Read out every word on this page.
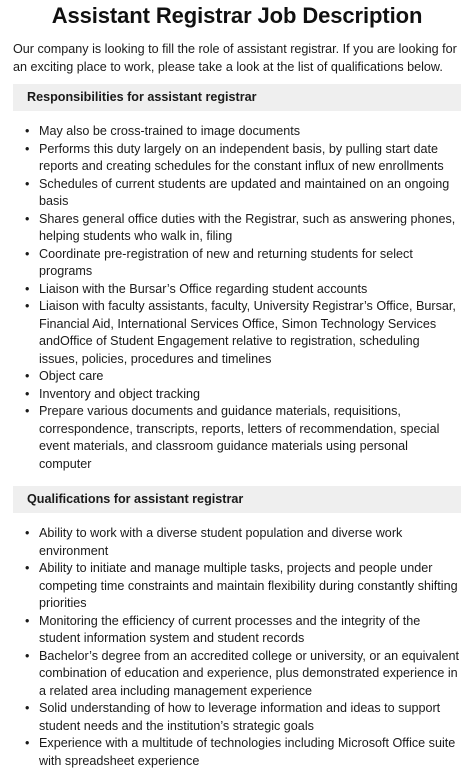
Assistant Registrar Job Description

Our company is looking to fill the role of assistant registrar. If you are looking for an exciting place to work, please take a look at the list of qualifications below.

Responsibilities for assistant registrar
• May also be cross-trained to image documents
• Performs this duty largely on an independent basis, by pulling start date reports and creating schedules for the constant influx of new enrollments
• Schedules of current students are updated and maintained on an ongoing basis
• Shares general office duties with the Registrar, such as answering phones, helping students who walk in, filing
• Coordinate pre-registration of new and returning students for select programs
• Liaison with the Bursar’s Office regarding student accounts
• Liaison with faculty assistants, faculty, University Registrar’s Office, Bursar, Financial Aid, International Services Office, Simon Technology Services andOffice of Student Engagement relative to registration, scheduling issues, policies, procedures and timelines
• Object care
• Inventory and object tracking
• Prepare various documents and guidance materials, requisitions, correspondence, transcripts, reports, letters of recommendation, special event materials, and classroom guidance materials using personal computer
Qualifications for assistant registrar
• Ability to work with a diverse student population and diverse work environment
• Ability to initiate and manage multiple tasks, projects and people under competing time constraints and maintain flexibility during constantly shifting priorities
• Monitoring the efficiency of current processes and the integrity of the student information system and student records
• Bachelor’s degree from an accredited college or university, or an equivalent combination of education and experience, plus demonstrated experience in a related area including management experience
• Solid understanding of how to leverage information and ideas to support student needs and the institution’s strategic goals
• Experience with a multitude of technologies including Microsoft Office suite with spreadsheet experience
